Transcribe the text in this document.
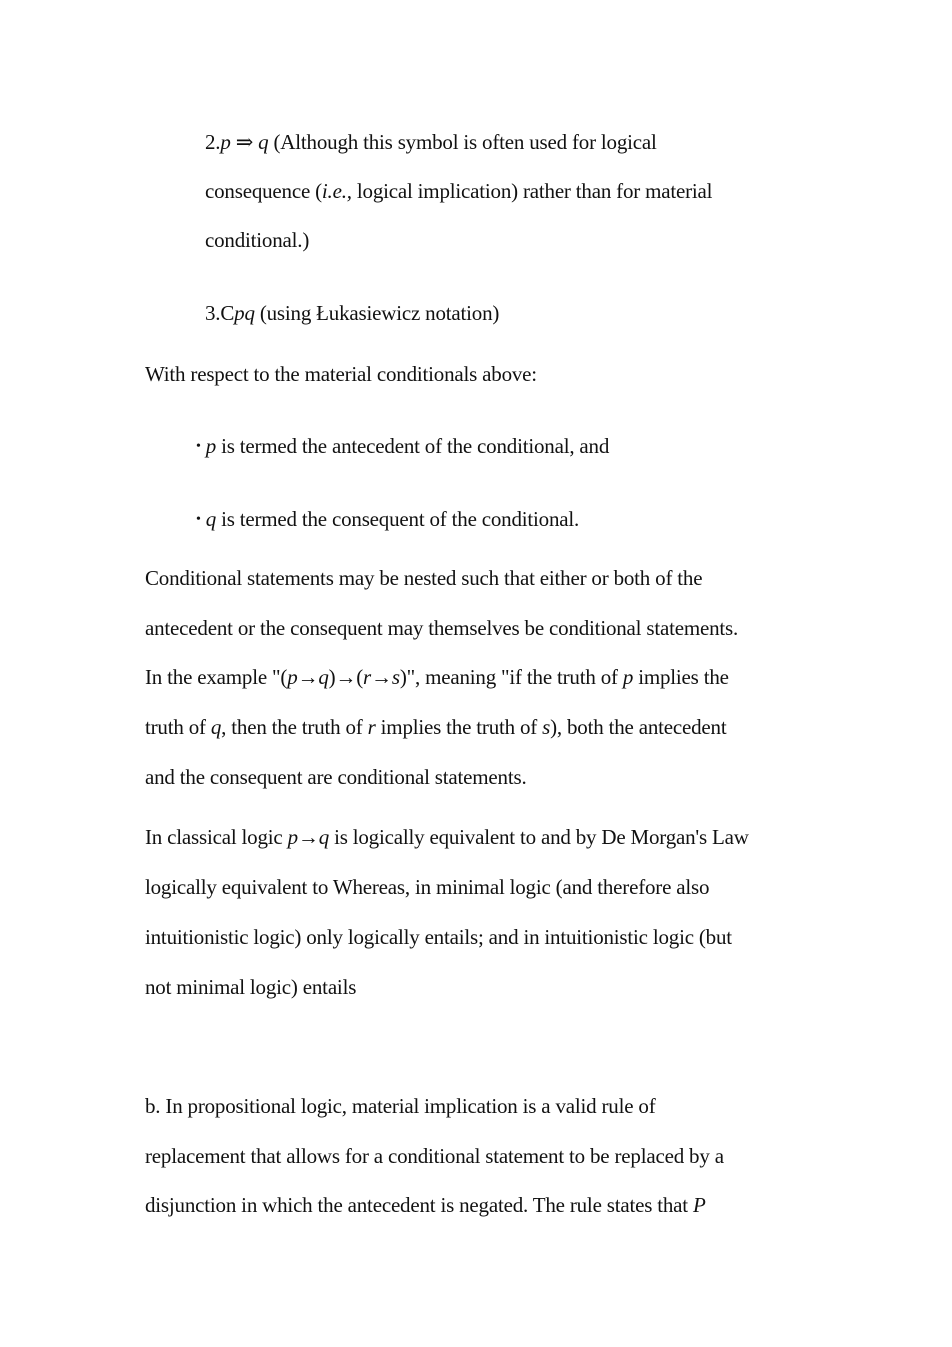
2.p ⇒ q (Although this symbol is often used for logical
consequence (i.e., logical implication) rather than for material
conditional.)
3.Cpq (using Łukasiewicz notation)
With respect to the material conditionals above:
• p is termed the antecedent of the conditional, and
• q is termed the consequent of the conditional.
Conditional statements may be nested such that either or both of the
antecedent or the consequent may themselves be conditional statements.
In the example "(p→q)→(r→s)", meaning "if the truth of p implies the
truth of q, then the truth of r implies the truth of s), both the antecedent
and the consequent are conditional statements.
In classical logic p→q is logically equivalent to and by De Morgan's Law
logically equivalent to Whereas, in minimal logic (and therefore also
intuitionistic logic) only logically entails; and in intuitionistic logic (but
not minimal logic) entails
b. In propositional logic, material implication is a valid rule of
replacement that allows for a conditional statement to be replaced by a
disjunction in which the antecedent is negated. The rule states that P
